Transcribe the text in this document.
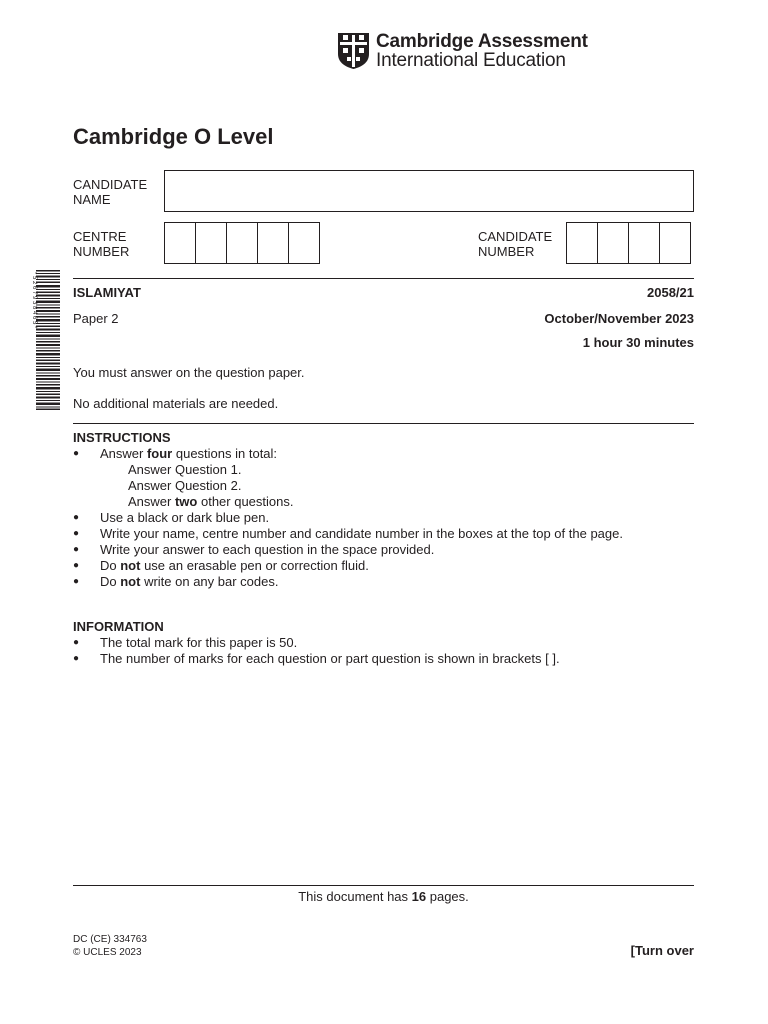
Cambridge Assessment
International Education
Cambridge O Level
CANDIDATE
NAME
CENTRE
NUMBER
CANDIDATE
NUMBER
* 5 2 6 7 9 3 8 4 6 5 *	ISLAMIYAT	2058/21
Paper 2	October/November 2023
1 hour 30 minutes
You must answer on the question paper.
No additional materials are needed.
INSTRUCTIONS
● Answer four questions in total:
Answer Question 1.
Answer Question 2.
Answer two other questions.
● Use a black or dark blue pen.
● Write your name, centre number and candidate number in the boxes at the top of the page.
● Write your answer to each question in the space provided.
● Do not use an erasable pen or correction fluid.
● Do not write on any bar codes.
INFORMATION
● The total mark for this paper is 50.
● The number of marks for each question or part question is shown in brackets [ ].
This document has 16 pages.
DC (CE) 334763
© UCLES 2023	[Turn over
